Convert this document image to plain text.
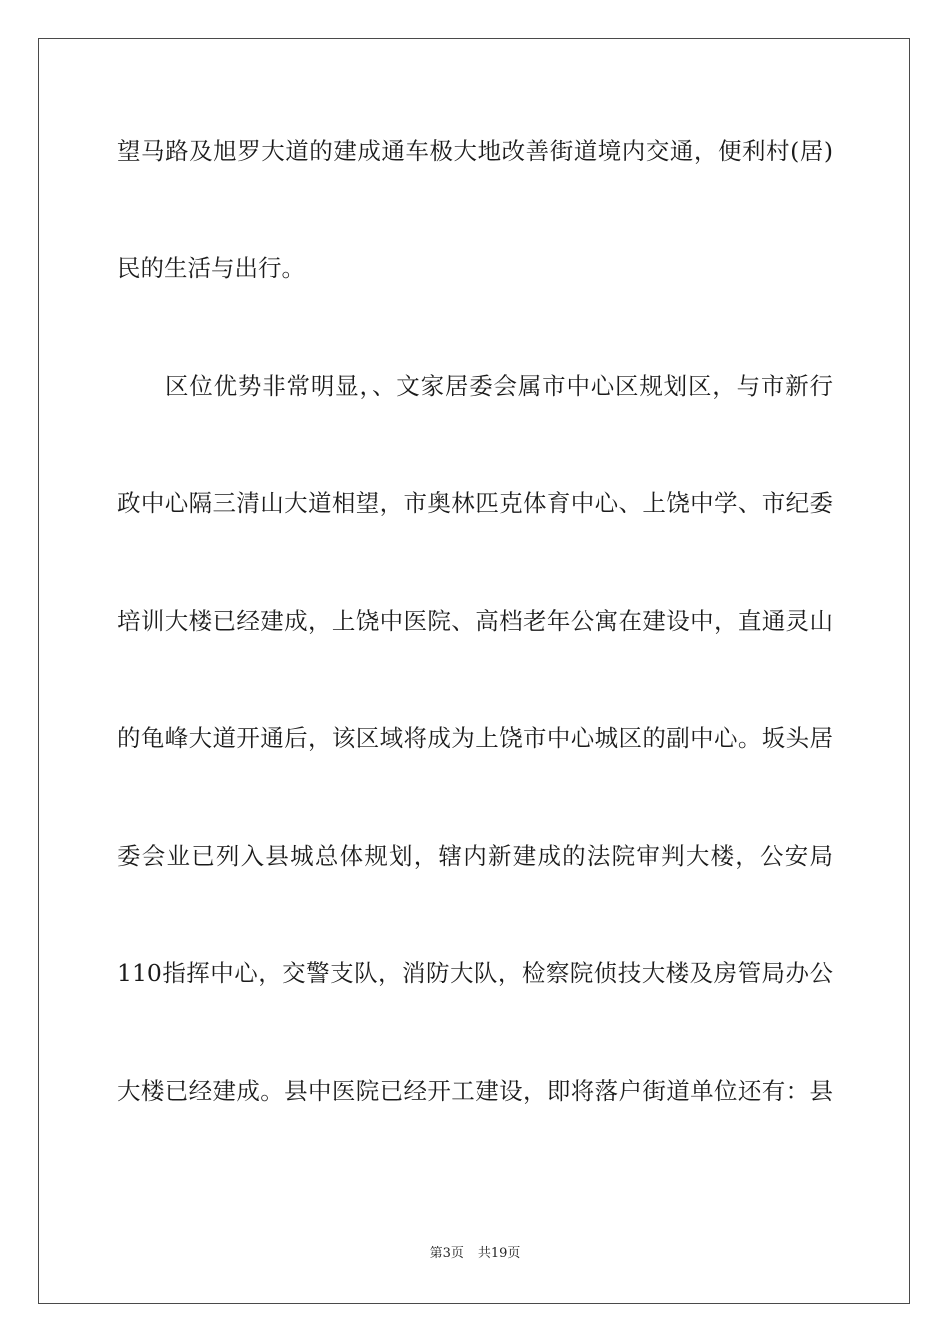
望马路及旭罗大道的建成通车极大地改善街道境内交通，便利村(居)
民的生活与出行。
区位优势非常明显，、文家居委会属市中心区规划区，与市新行
政中心隔三清山大道相望，市奥林匹克体育中心、上饶中学、市纪委
培训大楼已经建成，上饶中医院、高档老年公寓在建设中，直通灵山
的龟峰大道开通后，该区域将成为上饶市中心城区的副中心。坂头居
委会业已列入县城总体规划，辖内新建成的法院审判大楼，公安局
110指挥中心，交警支队，消防大队，检察院侦技大楼及房管局办公
大楼已经建成。县中医院已经开工建设，即将落户街道单位还有：县
第3页 共19页
